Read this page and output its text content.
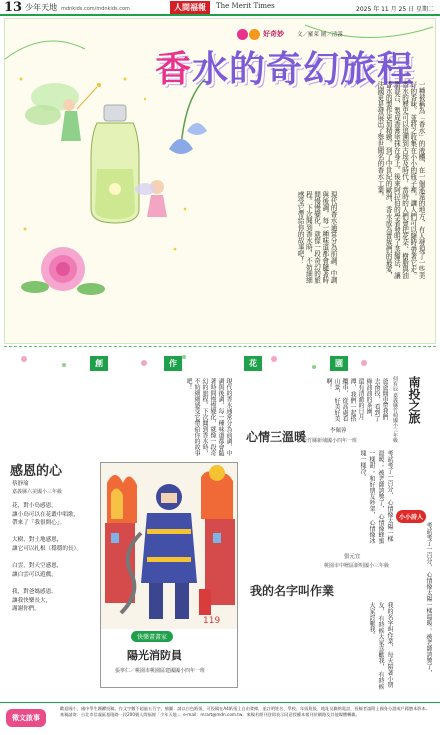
13 少年天地 mdnkids.com/mdnkids.com	人間福報	The Merit Times	2025 年 11 月 25 日 星期二
好奇妙 文／羅萊 圖／清霧
香水的奇幻旅程
一種被稱為「香水」的液體，在一個遙遠的地方，有人發現了一些美好的香味，並將之收集在小小的瓶子裡，讓人們可以隨時帶著它走。香水的歷史可以追溯到古埃及時代，當時的人們會把花朵、樹脂與油脂混合，製成香膏塗抹在身上。後來阿拉伯的學者發明了蒸餾法，讓香水的製作更加精緻。到了中世紀的歐洲，香水成為貴族們的最愛，法國更是發展出了舉世聞名的香水工業。
現代的香水通常分為前調、中調與後調，每一種味道都會隨著時間慢慢變化，就像一段奇幻的旅程。下次聞到香水時，不妨細細感受它帶給你的故事吧！
創	作	花	園
現代的香水通常分為前調、中調與後調，每一種味道都會隨著時間慢慢變化，就像一段奇幻的旅程。下次聞到香水時，不妨細細感受它帶給你的故事吧！
感恩的心
蔡靜瑜
嘉義縣六美國小三年級

花，對小鳥感恩，

讓小鳥可以在花叢中唱歌，

帶來了「我很開心」。

大樹，對土地感恩，

讓它可以扎根（穩穩的長）。

白雲，對天空感恩，

讓白雲可以遊戲，

我，對爸媽感恩，

讓我快樂長大，

謝謝你們。

119
快樂畫畫家
陽光消防員
張寧仁／桃園市桃園區建國國小四年一班
心情三溫暖	李佩蓉
新竹縣新埔國小四年一班
考試考了一百分， 心情像太陽一樣溫暖； 被老師誇獎了， 心情像蜂蜜一樣甜； 和好朋友吵架， 心情像冰塊一樣冷。
張元宜
桃園市中壢區新明國小三年級
我的名字叫作業
我的名字叫作業， 每天陪著小朋友， 有時候大家喜歡我， 有時候大家討厭我。
南投之旅
何宥辰 嘉義縣竹崎國小三年級
爸爸開車帶我們去南投， 看到了綠油油的茶園， 還有清澈的日月潭， 我們一起搭纜車， 從高處看山景， 好美好美啊！
小小詩人
考試考了一百分， 心情像太陽一樣溫暖； 被老師誇獎了，
徵文啟事
歡迎國小、國中學生踴躍投稿，作文字數不超過五百字，繪圖：請以白色紙張、可投稿在A4紙張上自由發揮，並註明姓名、學校、年級班級、地址及聯絡電話，投稿者請附上國身分證或戶籍謄本影本。來稿請寄：台北市信義區基隆路一段200號人間福報「少年天地」。e-mail：mrart@mdn.com.tw。來稿若經刊登即表示同意授權本報刊於網路及其他媒體轉載。
